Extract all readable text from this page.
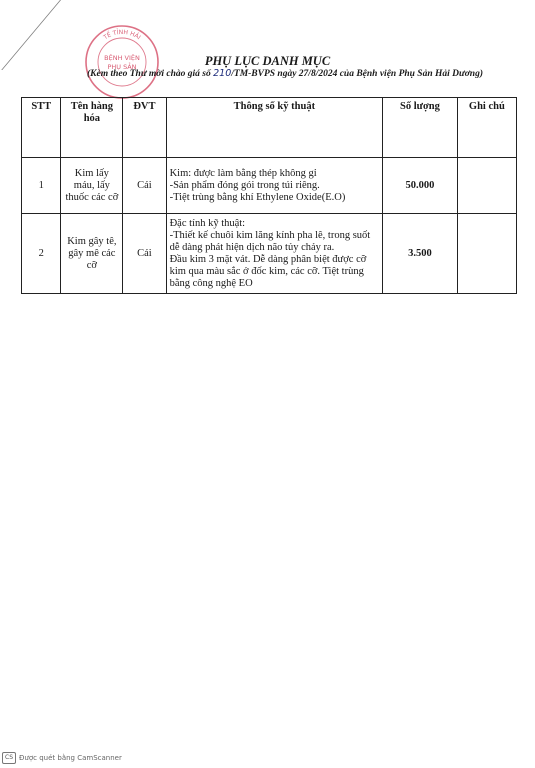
TẾ TỈNH HẢI
BỆNH VIỆN
PHỤ SẢN	PHỤ LỤC DANH MỤC
(Kèm theo Thư mời chào giá số 210/TM-BVPS ngày 27/8/2024 của Bệnh viện Phụ Sản Hải Dương)
STT	Tên hàng hóa	ĐVT	Thông số kỹ thuật	Số lượng	Ghi chú
1	Kim lấy máu, lấy thuốc các cỡ	Cái	Kim: được làm bằng thép không gỉ
-Sản phẩm đóng gói trong túi riêng.
-Tiệt trùng bằng khí Ethylene Oxide(E.O)	50.000	
2	Kim gây tê, gây mê các cỡ	Cái	Đặc tính kỹ thuật:
-Thiết kế chuôi kim lăng kính pha lê, trong suốt dễ dàng phát hiện dịch não tủy chảy ra.
Đầu kim 3 mặt vát. Dễ dàng phân biệt được cỡ kim qua màu sắc ở đốc kim, các cỡ. Tiệt trùng bằng công nghệ EO	3.500	
CS Được quét bằng CamScanner
